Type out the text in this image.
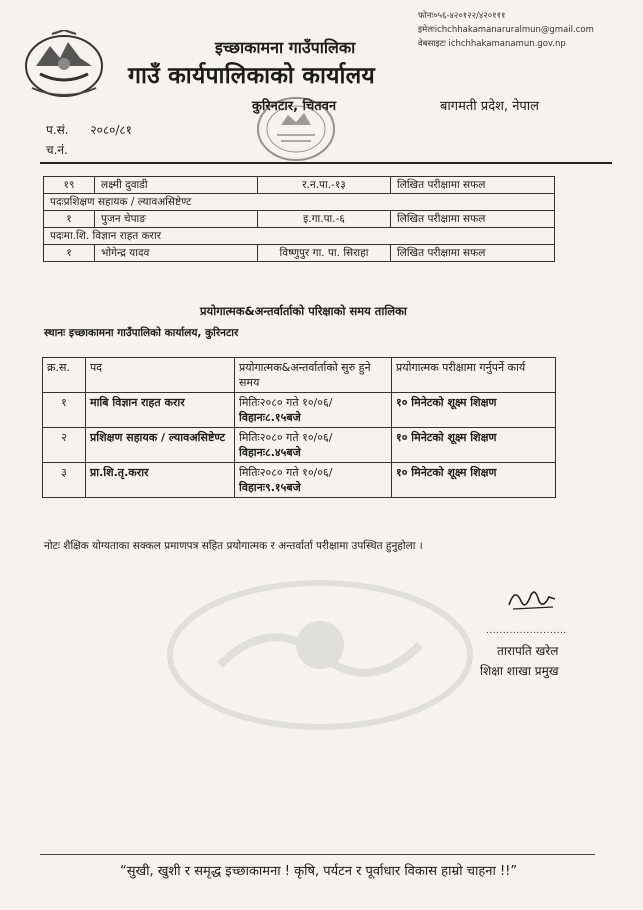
फोनः०५६-४२०१२२/४२०१११
इमेलःichchhakamanaruralmun@gmail.com
वेबसाइटः ichchhakamanamun.gov.np
इच्छाकामना गाउँपालिका
गाउँ कार्यपालिकाको कार्यालय
कुरिनटार, चितवन	बागमती प्रदेश, नेपाल
प.सं. २०८०/८१
च.नं.
१९	लक्ष्मी दुवाडी	र.न.पा.-१३	लिखित परीक्षामा सफल
पदःप्रशिक्षण सहायक / ल्यावअसिष्टेण्ट			
१	पुजन चेपाङ	इ.गा.पा.-६	लिखित परीक्षामा सफल
पदःमा.शि. विज्ञान राहत करार			
१	भोगेन्द्र यादव	विष्णुपुर गा. पा. सिराहा	लिखित परीक्षामा सफल
प्रयोगात्मक&अन्तर्वार्ताको परिक्षाको समय तालिका
स्थानः इच्छाकामना गाउँपालिको कार्यालय, कुरिनटार
क्र.स.	पद	प्रयोगात्मक&अन्तर्वार्ताको सुरु हुने समय	प्रयोगात्मक परीक्षामा गर्नुपर्ने कार्य
१	माबि विज्ञान राहत करार	मितिः२०८० गते १०/०६/
विहानः८.१५बजे	१० मिनेटको शूक्ष्म शिक्षण
२	प्रशिक्षण सहायक / ल्यावअसिष्टेण्ट	मितिः२०८० गते १०/०६/
विहानः८.४५बजे	१० मिनेटको शूक्ष्म शिक्षण
३	प्रा.शि.तृ.करार	मितिः२०८० गते १०/०६/
विहानः९.१५बजे	१० मिनेटको शूक्ष्म शिक्षण
नोटः शैक्षिक योग्यताका सक्कल प्रमाणपत्र सहित प्रयोगात्मक र अन्तर्वार्ता परीक्षामा उपस्थित हुनुहोला ।
........................
तारापति खरेल
शिक्षा शाखा प्रमुख
“सुखी, खुशी र समृद्ध इच्छाकामना ! कृषि, पर्यटन र पूर्वाधार विकास हाम्रो चाहना !!”
